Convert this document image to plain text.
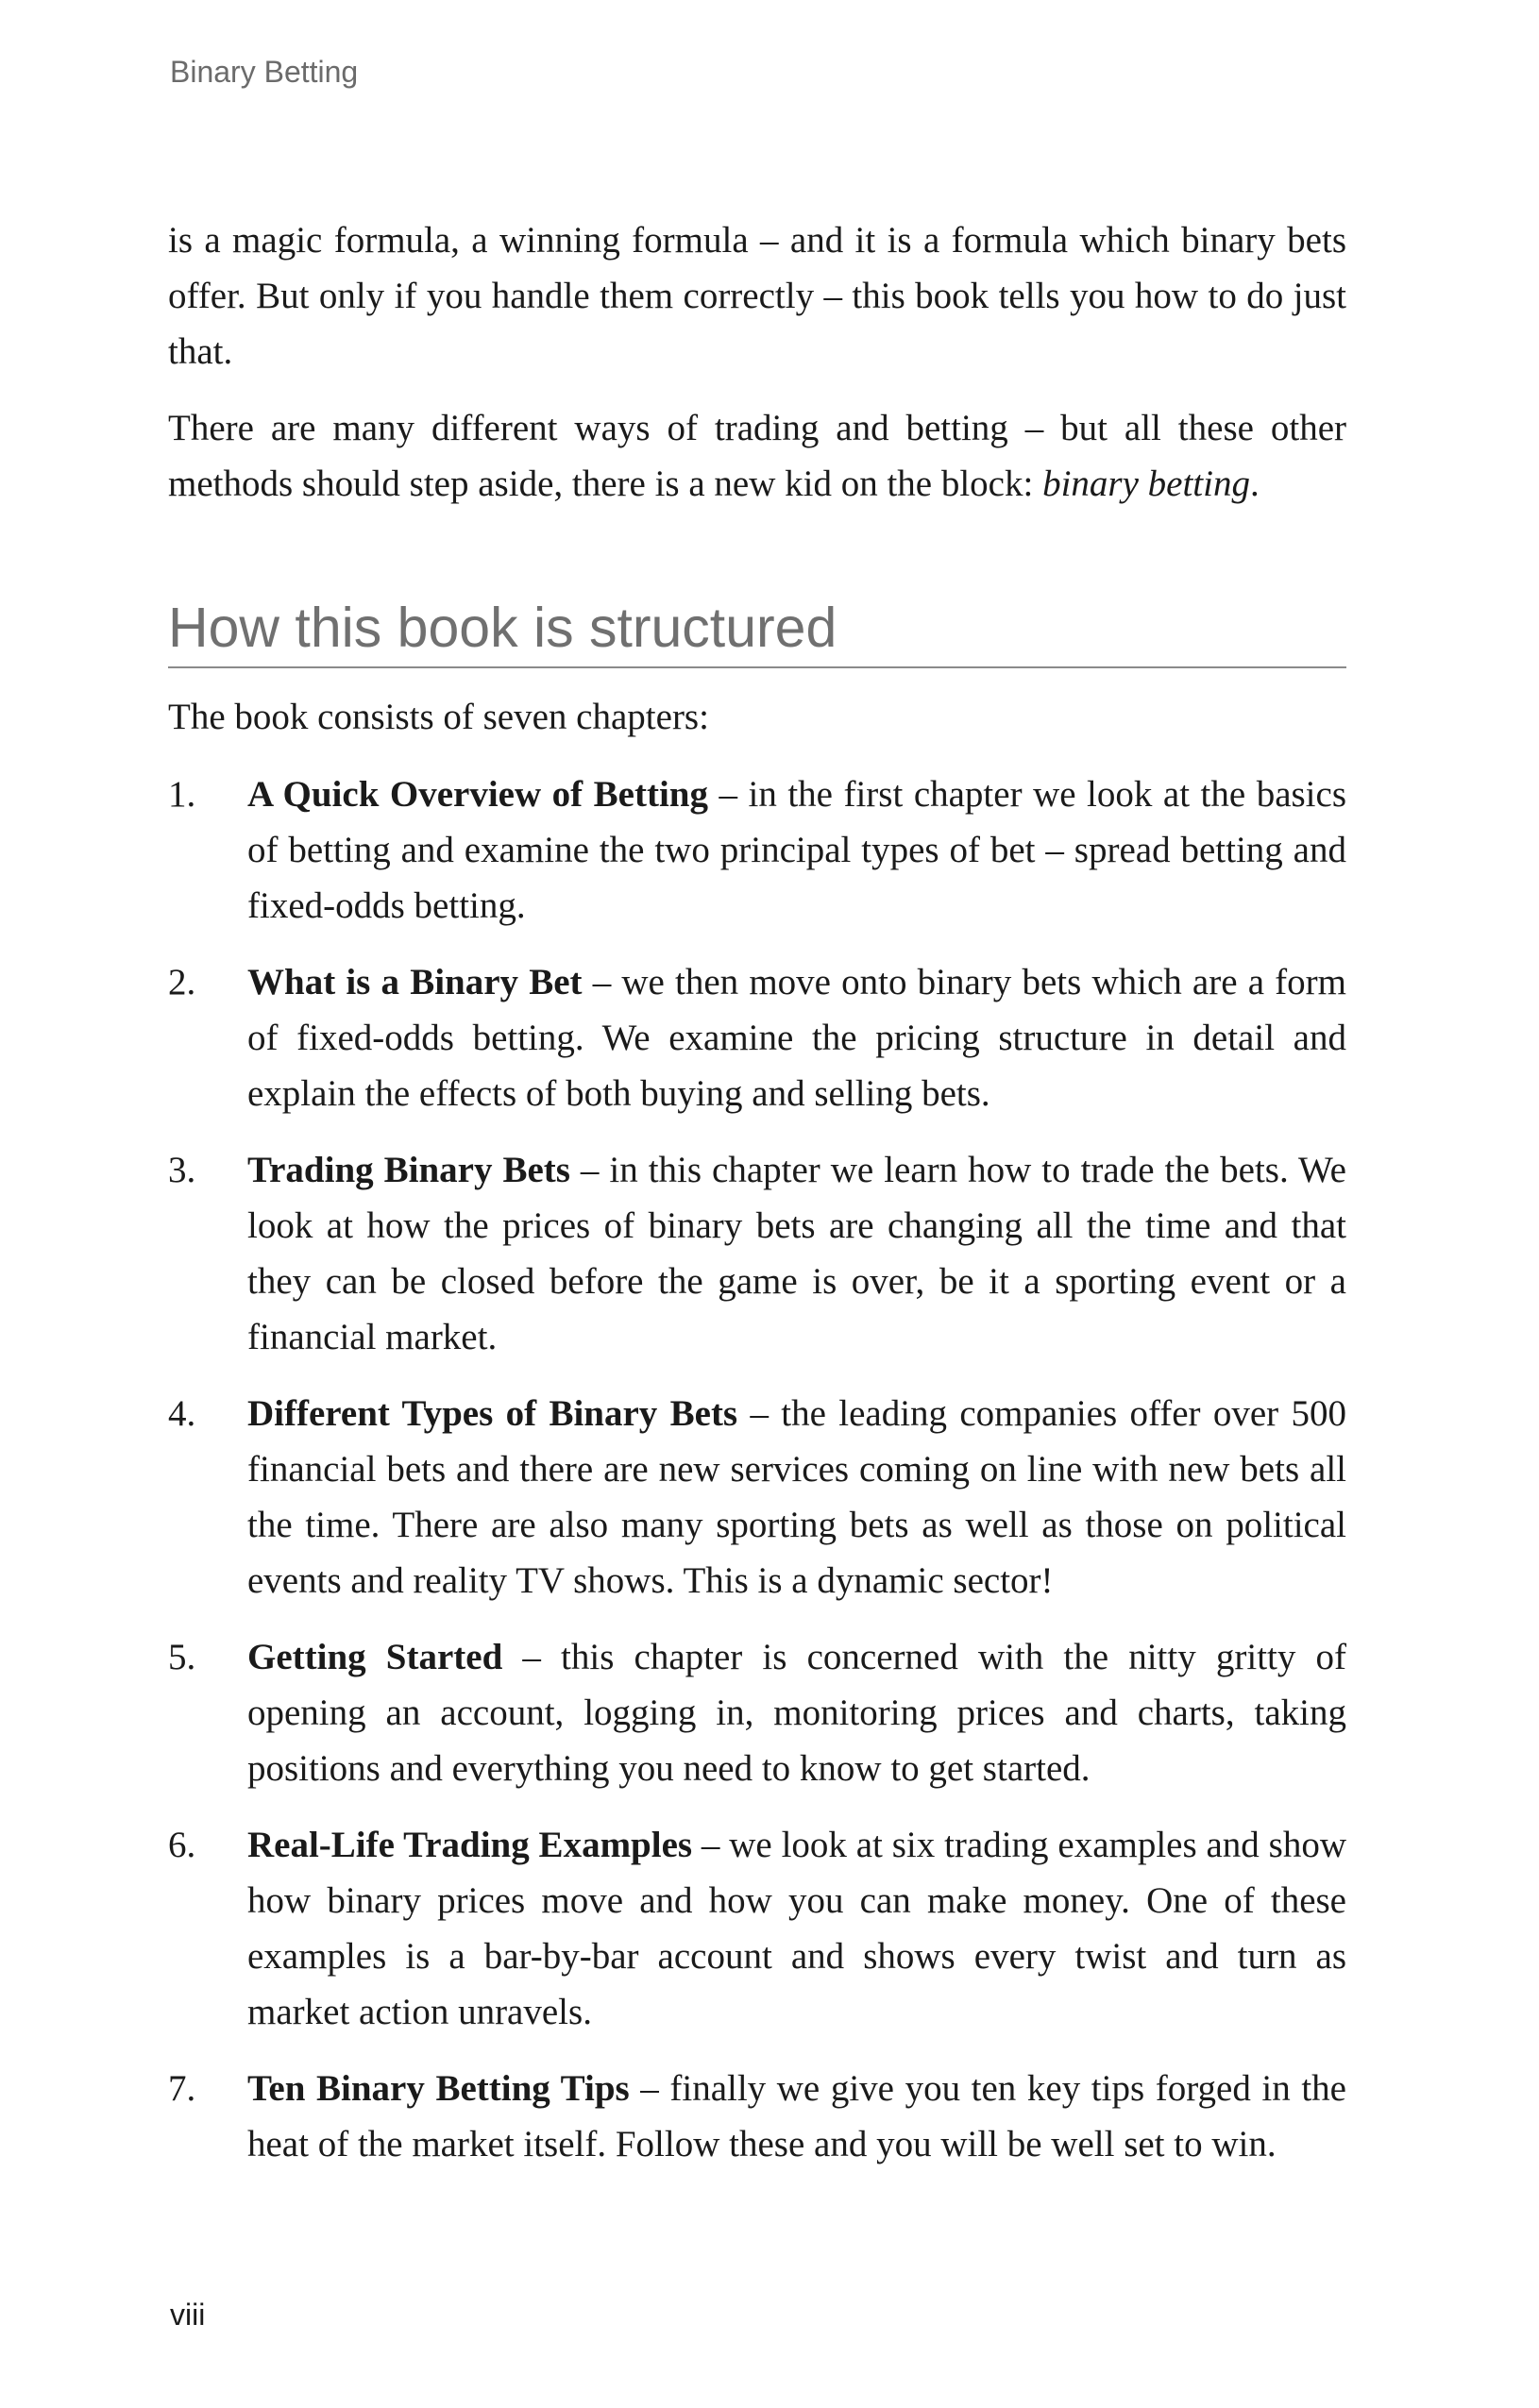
Binary Betting

is a magic formula, a winning formula – and it is a formula which binary bets offer. But only if you handle them correctly – this book tells you how to do just that.

There are many different ways of trading and betting – but all these other methods should step aside, there is a new kid on the block: binary betting.

How this book is structured

The book consists of seven chapters:

1.	A Quick Overview of Betting – in the first chapter we look at the basics of betting and examine the two principal types of bet – spread betting and fixed-odds betting.
2.	What is a Binary Bet – we then move onto binary bets which are a form of fixed-odds betting. We examine the pricing structure in detail and explain the effects of both buying and selling bets.
3.	Trading Binary Bets – in this chapter we learn how to trade the bets. We look at how the prices of binary bets are changing all the time and that they can be closed before the game is over, be it a sporting event or a financial market.
4.	Different Types of Binary Bets – the leading companies offer over 500 financial bets and there are new services coming on line with new bets all the time. There are also many sporting bets as well as those on political events and reality TV shows. This is a dynamic sector!
5.	Getting Started – this chapter is concerned with the nitty gritty of opening an account, logging in, monitoring prices and charts, taking positions and everything you need to know to get started.
6.	Real-Life Trading Examples – we look at six trading examples and show how binary prices move and how you can make money. One of these examples is a bar-by-bar account and shows every twist and turn as market action unravels.
7.	Ten Binary Betting Tips – finally we give you ten key tips forged in the heat of the market itself. Follow these and you will be well set to win.
viii
